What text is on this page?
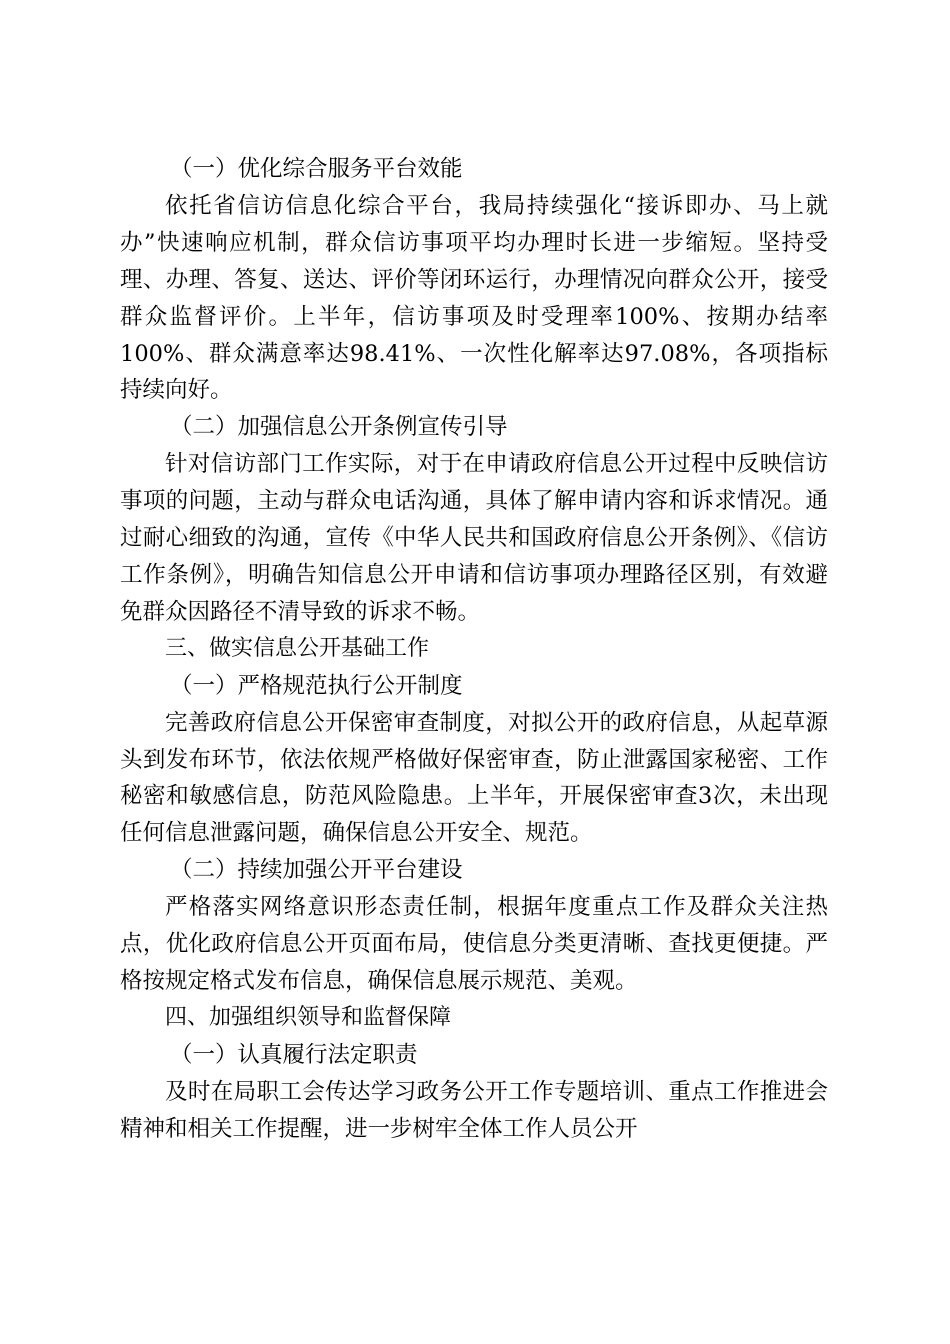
（一）优化综合服务平台效能

依托省信访信息化综合平台，我局持续强化“接诉即办、马上就办”快速响应机制，群众信访事项平均办理时长进一步缩短。坚持受理、办理、答复、送达、评价等闭环运行，办理情况向群众公开，接受群众监督评价。上半年，信访事项及时受理率100%、按期办结率100%、群众满意率达98.41%、一次性化解率达97.08%，各项指标持续向好。

（二）加强信息公开条例宣传引导

针对信访部门工作实际，对于在申请政府信息公开过程中反映信访事项的问题，主动与群众电话沟通，具体了解申请内容和诉求情况。通过耐心细致的沟通，宣传《中华人民共和国政府信息公开条例》、《信访工作条例》，明确告知信息公开申请和信访事项办理路径区别，有效避免群众因路径不清导致的诉求不畅。

三、做实信息公开基础工作

（一）严格规范执行公开制度

完善政府信息公开保密审查制度，对拟公开的政府信息，从起草源头到发布环节，依法依规严格做好保密审查，防止泄露国家秘密、工作秘密和敏感信息，防范风险隐患。上半年，开展保密审查3次，未出现任何信息泄露问题，确保信息公开安全、规范。

（二）持续加强公开平台建设

严格落实网络意识形态责任制，根据年度重点工作及群众关注热点，优化政府信息公开页面布局，使信息分类更清晰、查找更便捷。严格按规定格式发布信息，确保信息展示规范、美观。

四、加强组织领导和监督保障

（一）认真履行法定职责

及时在局职工会传达学习政务公开工作专题培训、重点工作推进会精神和相关工作提醒，进一步树牢全体工作人员公开
